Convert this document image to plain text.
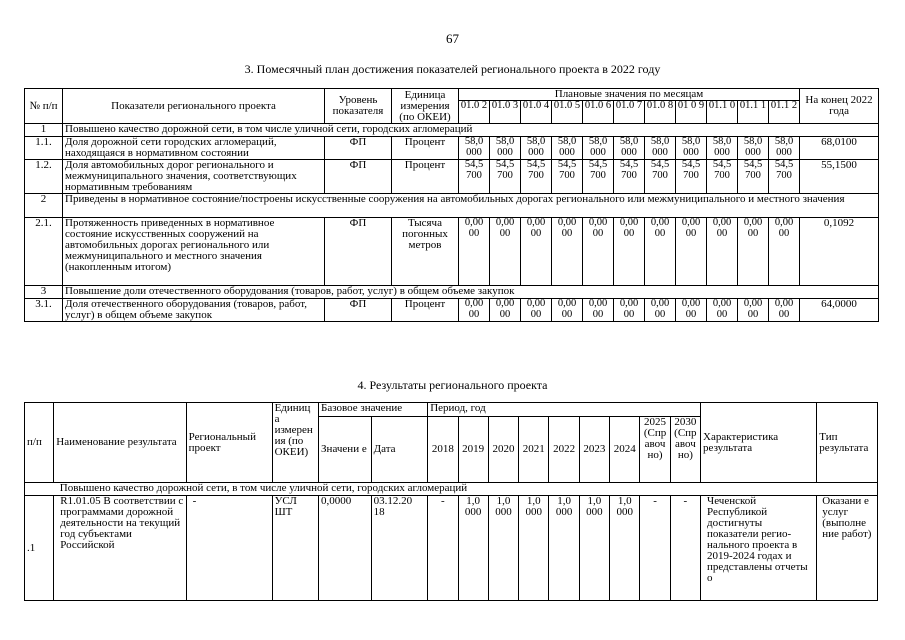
67
3. Помесячный план достижения показателей регионального проекта в 2022 году
№ п/п	Показатели регионального проекта	Уровень показателя	Единица измерения (по ОКЕИ)	Плановые значения по месяцам											На конец 2022 года
				01.0 2	01.0 3	01.0 4	01.0 5	01.0 6	01.0 7	01.0 8	01 0 9	01.1 0	01.1 1	01.1 2	
1	Повышено качество дорожной сети, в том числе уличной сети, городских агломераций														
1.1.	Доля дорожной сети городских агломераций, находящаяся в нормативном состоянии	ФП	Процент	58,0 000	58,0 000	58,0 000	58,0 000	58,0 000	58,0 000	58,0 000	58,0 000	58,0 000	58,0 000	58,0 000	68,0100
1.2.	Доля автомобильных дорог регионального и межмуниципального значения, соответствующих нормативным требованиям	ФП	Процент	54,5 700	54,5 700	54,5 700	54,5 700	54,5 700	54,5 700	54,5 700	54,5 700	54,5 700	54,5 700	54,5 700	55,1500
2	Приведены в нормативное состояние/построены искусственные сооружения на автомобильных дорогах регионального или межмуниципального и местного значения														
2.1.	Протяженность приведенных в нормативное состояние искусственных сооружений на автомобильных дорогах регионального или межмуниципального и местного значения (накопленным итогом)	ФП	Тысяча погонных метров	0,00 00	0,00 00	0,00 00	0,00 00	0,00 00	0,00 00	0,00 00	0,00 00	0,00 00	0,00 00	0,00 00	0,1092
3	Повышение доли отечественного оборудования (товаров, работ, услуг) в общем объеме закупок														
3.1.	Доля отечественного оборудования (товаров, работ, услуг) в общем объеме закупок	ФП	Процент	0,00 00	0,00 00	0,00 00	0,00 00	0,00 00	0,00 00	0,00 00	0,00 00	0,00 00	0,00 00	0,00 00	64,0000
4. Результаты регионального проекта
п/п	Наименование результата	Региональный проект	Единиц а измерен ия (по ОКЕИ)	Базовое значение		Период, год									Характеристика результата	Тип результата
				Значени е	Дата	2018	2019	2020	2021	2022	2023	2024	2025 (Спр авоч но)	2030 (Спр авоч но)		
	Повышено качество дорожной сети, в том числе уличной сети, городских агломераций															
.1	R1.01.05 В соответствии с программами дорожной деятельности на текущий год субъектами Российской	-	УСЛ ШТ	0,0000	03.12.20 18	-	1,0 000	1,0 000	1,0 000	1,0 000	1,0 000	1,0 000	-	-	Чеченской Республикой достигнуты показатели регио-нального проекта в 2019-2024 годах и представлены отчеты о	Оказани е услуг (выполне ние работ)
